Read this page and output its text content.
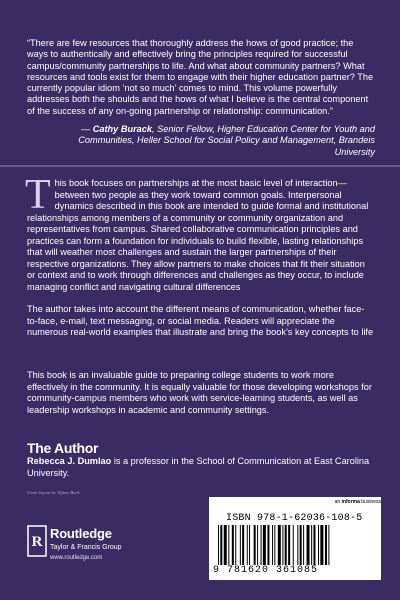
“There are few resources that thoroughly address the hows of good practice; the ways to authentically and effectively bring the principles required for successful campus/community partnerships to life. And what about community partners? What resources and tools exist for them to engage with their higher education partner? The currently popular idiom ‘not so much’ comes to mind. This volume powerfully addresses both the shoulds and the hows of what I believe is the central component of the success of any on-going partnership or relationship: communication.”
— Cathy Burack, Senior Fellow, Higher Education Center for Youth and Communities, Heller School for Social Policy and Management, Brandeis University
This book focuses on partnerships at the most basic level of interaction—between two people as they work toward common goals. Interpersonal dynamics described in this book are intended to guide formal and institutional relationships among members of a community or community organization and representatives from campus. Shared collaborative communication principles and practices can form a foundation for individuals to build flexible, lasting relationships that will weather most challenges and sustain the larger partnerships of their respective organizations. They allow partners to make choices that fit their situation or context and to work through differences and challenges as they occur, to include managing conflict and navigating cultural differences
The author takes into account the different means of communication, whether face-to-face, e-mail, text messaging, or social media. Readers will appreciate the numerous real-world examples that illustrate and bring the book’s key concepts to life
This book is an invaluable guide to preparing college students to work more effectively in the community. It is equally valuable for those developing workshops for community-campus members who work with service-learning students, as well as leadership workshops in academic and community settings.
The Author
Rebecca J. Dumlao is a professor in the School of Communication at East Carolina University.
Cover layout by Tiffany Buck
R
Routledge
Taylor & Francis Group
www.routledge.com
an informa business
ISBN 978-1-62036-108-5
9 781620 361085
